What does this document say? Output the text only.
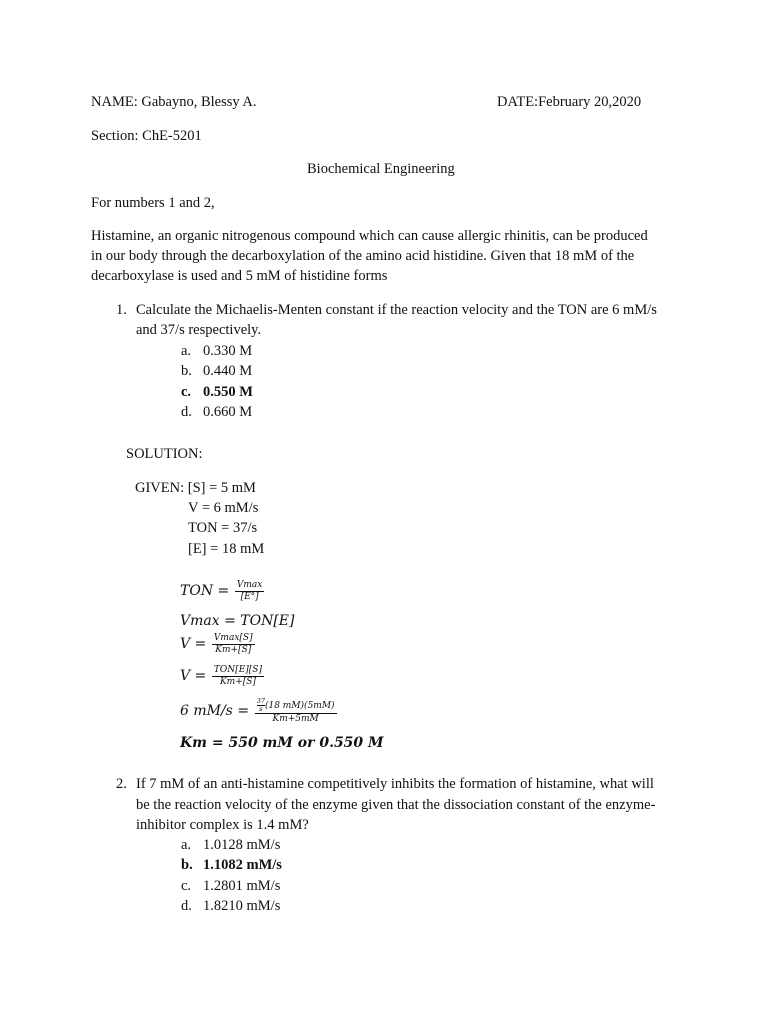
NAME: Gabayno, Blessy A.	DATE:February 20,2020
Section: ChE-5201
Biochemical Engineering
For numbers 1 and 2,
Histamine, an organic nitrogenous compound which can cause allergic rhinitis, can be produced
in our body through the decarboxylation of the amino acid histidine. Given that 18 mM of the
decarboxylase is used and 5 mM of histidine forms
1. Calculate the Michaelis-Menten constant if the reaction velocity and the TON are 6 mM/s
and 37/s respectively.
a. 0.330 M
b. 0.440 M
c. 0.550 M
d. 0.660 M
SOLUTION:
GIVEN: [S] = 5 mM
V = 6 mM/s
TON = 37/s
[E] = 18 mM
TON = $\frac{Vmax}{[E^\circ]}$
Vmax = TON[E]
$V = \frac{Vmax[S]}{Km+[S]}$
$V = \frac{\text{TON[E][S]}}{Km+[S]}$
6 $mM/s = \frac{\frac{37}{s} (18 mM)(5mM)}{Km+5mM}$
Km = 550 mM or 0.550 M
2. If 7 mM of an anti-histamine competitively inhibits the formation of histamine, what will
be the reaction velocity of the enzyme given that the dissociation constant of the enzyme-
inhibitor complex is 1.4 mM?
a. 1.0128 mM/s
b. 1.1082 mM/s
c. 1.2801 mM/s
d. 1.8210 mM/s
